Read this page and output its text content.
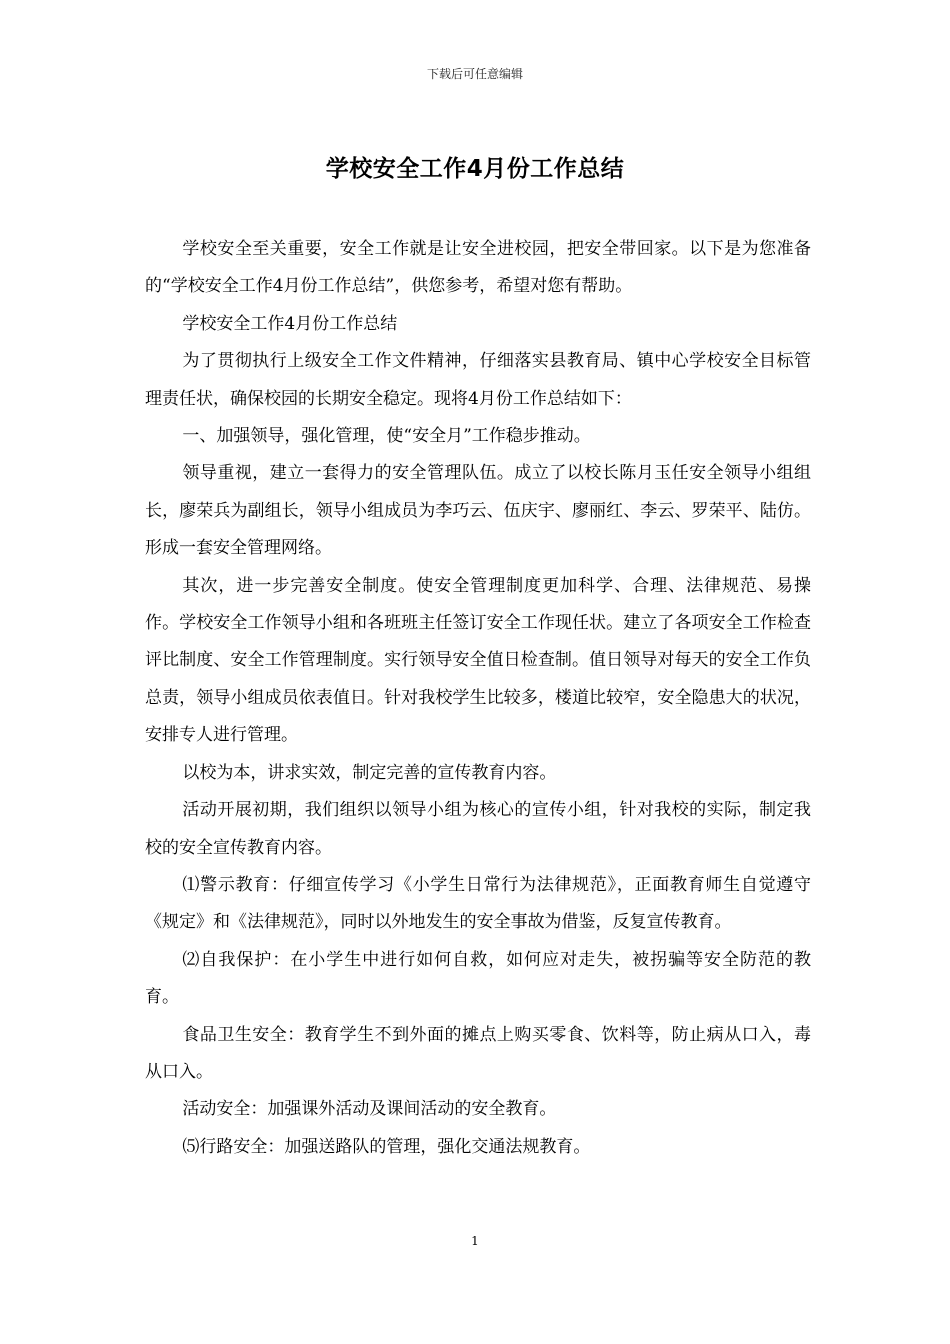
下载后可任意编辑
学校安全工作4月份工作总结

学校安全至关重要，安全工作就是让安全进校园，把安全带回家。以下是为您准备的“学校安全工作4月份工作总结”，供您参考，希望对您有帮助。

学校安全工作4月份工作总结

为了贯彻执行上级安全工作文件精神，仔细落实县教育局、镇中心学校安全目标管理责任状，确保校园的长期安全稳定。现将4月份工作总结如下：

一、加强领导，强化管理，使“安全月”工作稳步推动。

领导重视，建立一套得力的安全管理队伍。成立了以校长陈月玉任安全领导小组组长，廖荣兵为副组长，领导小组成员为李巧云、伍庆宇、廖丽红、李云、罗荣平、陆仿。形成一套安全管理网络。

其次，进一步完善安全制度。使安全管理制度更加科学、合理、法律规范、易操作。学校安全工作领导小组和各班班主任签订安全工作现任状。建立了各项安全工作检查评比制度、安全工作管理制度。实行领导安全值日检查制。值日领导对每天的安全工作负总责，领导小组成员依表值日。针对我校学生比较多，楼道比较窄，安全隐患大的状况，安排专人进行管理。

以校为本，讲求实效，制定完善的宣传教育内容。

活动开展初期，我们组织以领导小组为核心的宣传小组，针对我校的实际，制定我校的安全宣传教育内容。

⑴警示教育：仔细宣传学习《小学生日常行为法律规范》，正面教育师生自觉遵守《规定》和《法律规范》，同时以外地发生的安全事故为借鉴，反复宣传教育。

⑵自我保护：在小学生中进行如何自救，如何应对走失，被拐骗等安全防范的教育。

食品卫生安全：教育学生不到外面的摊点上购买零食、饮料等，防止病从口入，毒从口入。

活动安全：加强课外活动及课间活动的安全教育。

⑸行路安全：加强送路队的管理，强化交通法规教育。

1
